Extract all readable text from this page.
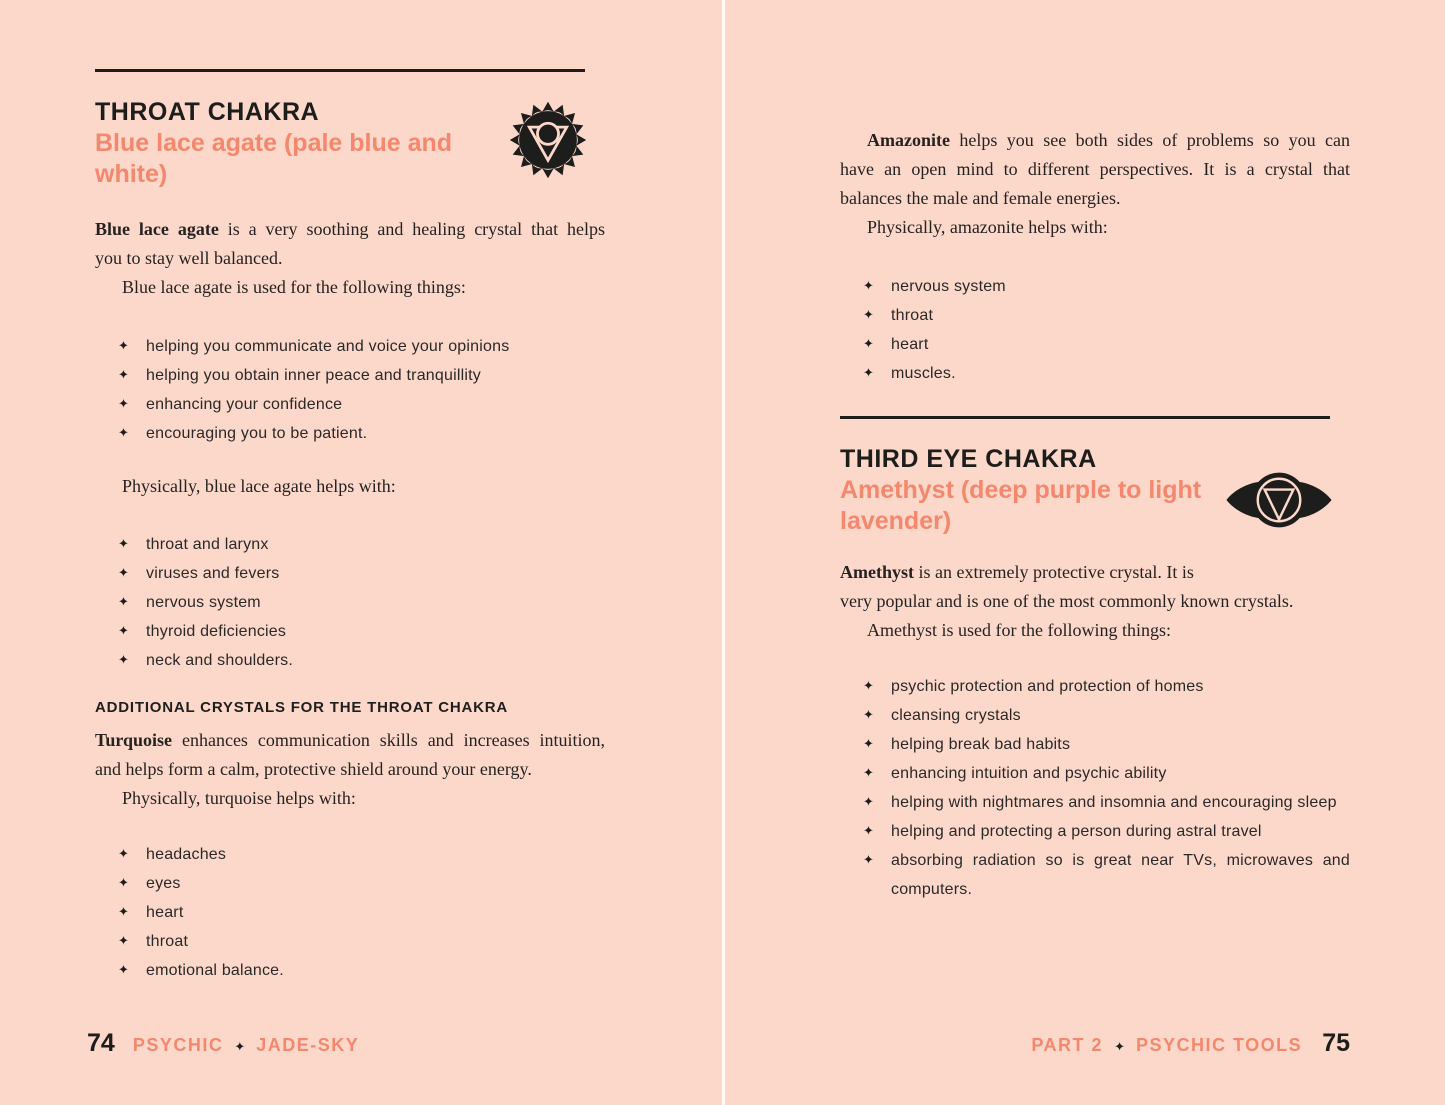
THROAT CHAKRA
Blue lace agate (pale blue and white)
Blue lace agate is a very soothing and healing crystal that helps
you to stay well balanced.
Blue lace agate is used for the following things:
✦ helping you communicate and voice your opinions
✦ helping you obtain inner peace and tranquillity
✦ enhancing your confidence
✦ encouraging you to be patient.
Physically, blue lace agate helps with:
✦ throat and larynx
✦ viruses and fevers
✦ nervous system
✦ thyroid deficiencies
✦ neck and shoulders.
ADDITIONAL CRYSTALS FOR THE THROAT CHAKRA
Turquoise enhances communication skills and increases intuition,
and helps form a calm, protective shield around your energy.
Physically, turquoise helps with:
✦ headaches
✦ eyes
✦ heart
✦ throat
✦ emotional balance.
74 PSYCHIC ✦ JADE-SKY
Amazonite helps you see both sides of problems so you can
have an open mind to different perspectives. It is a crystal that
balances the male and female energies.
Physically, amazonite helps with:
✦ nervous system
✦ throat
✦ heart
✦ muscles.
THIRD EYE CHAKRA
Amethyst (deep purple to light lavender)
Amethyst is an extremely protective crystal. It is
very popular and is one of the most commonly known crystals.
Amethyst is used for the following things:
✦ psychic protection and protection of homes
✦ cleansing crystals
✦ helping break bad habits
✦ enhancing intuition and psychic ability
✦ helping with nightmares and insomnia and encouraging sleep
✦ helping and protecting a person during astral travel
✦ absorbing radiation so is great near TVs, microwaves and
computers.
PART 2 ✦ PSYCHIC TOOLS 75
